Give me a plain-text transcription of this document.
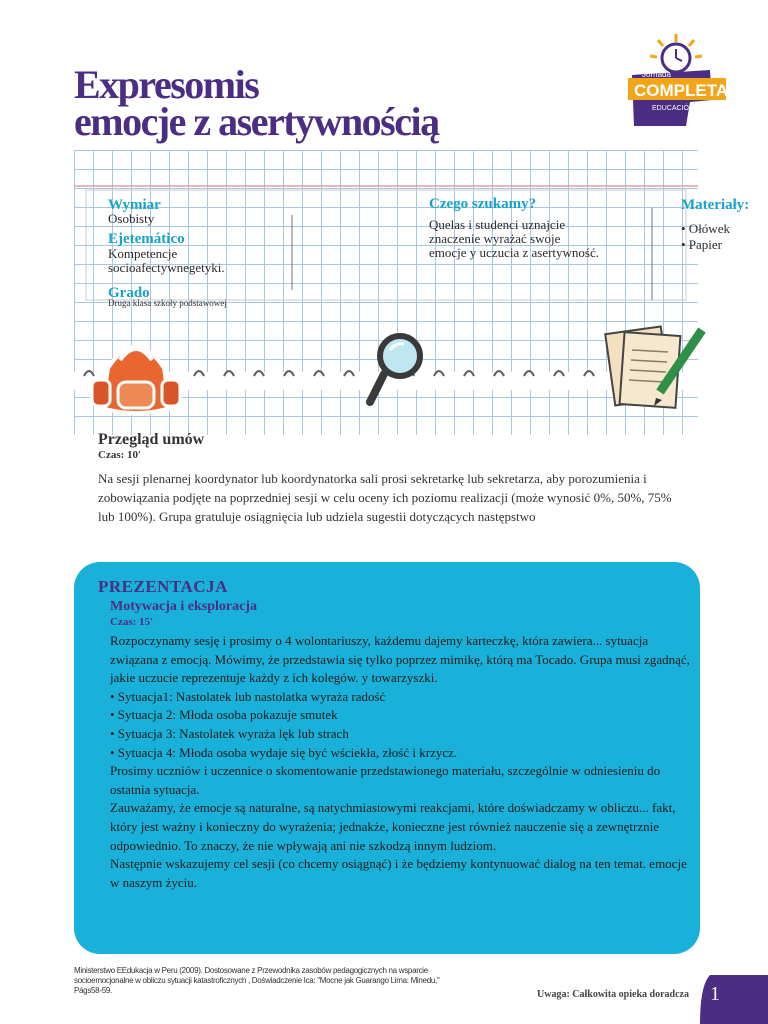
Expresomis
emocje z asertywnością
Jornada
COMPLETA
EDUCACIÓN
Wymiar
Osobisty
Ejetemático
Kompetencje socioafectywnegetyki.
Grado
Druga klasa szkoły podstawowej
Czego szukamy?
Quelas i studenci uznajcie znaczenie wyrażać swoje emocje y uczucia z asertywność.
Materiały:
• Ołówek
• Papier
Przegląd umów
Czas: 10′
Na sesji plenarnej koordynator lub koordynatorka sali prosi sekretarkę lub sekretarza, aby porozumienia i zobowiązania podjęte na poprzedniej sesji w celu oceny ich poziomu realizacji (może wynosić 0%, 50%, 75% lub 100%). Grupa gratuluje osiągnięcia lub udziela sugestii dotyczących następstwo
PREZENTACJA
Motywacja i eksploracja
Czas: 15′

Rozpoczynamy sesję i prosimy o 4 wolontariuszy, każdemu dajemy karteczkę, która zawiera... sytuacja związana z emocją. Mówimy, że przedstawia się tylko poprzez mimikę, którą ma Tocado. Grupa musi zgadnąć, jakie uczucie reprezentuje każdy z ich kolegów. y towarzyszki.

• Sytuacja1: Nastolatek lub nastolatka wyraża radość

• Sytuacja 2: Młoda osoba pokazuje smutek

• Sytuacja 3: Nastolatek wyraża lęk lub strach

• Sytuacja 4: Młoda osoba wydaje się być wściekła, złość i krzycz.

Prosimy uczniów i uczennice o skomentowanie przedstawionego materiału, szczególnie w odniesieniu do ostatnia sytuacja.

Zauważamy, że emocje są naturalne, są natychmiastowymi reakcjami, które doświadczamy w obliczu... fakt, który jest ważny i konieczny do wyrażenia; jednakże, konieczne jest również nauczenie się a zewnętrznie odpowiednio. To znaczy, że nie wpływają ani nie szkodzą innym ludziom.

Następnie wskazujemy cel sesji (co chcemy osiągnąć) i że będziemy kontynuować dialog na ten temat. emocje w naszym życiu.

Ministerstwo EEdukacja w Peru (2009). Dostosowane z Przewodnika zasobów pedagogicznych na wsparcie
socioemocjonalne w obliczu sytuacji katastroficznych , Doświadczenie Ica: "Mocne jak Guarango Lima: Minedu,"
Págs58-59.	Uwaga: Całkowita opieka doradcza 1
